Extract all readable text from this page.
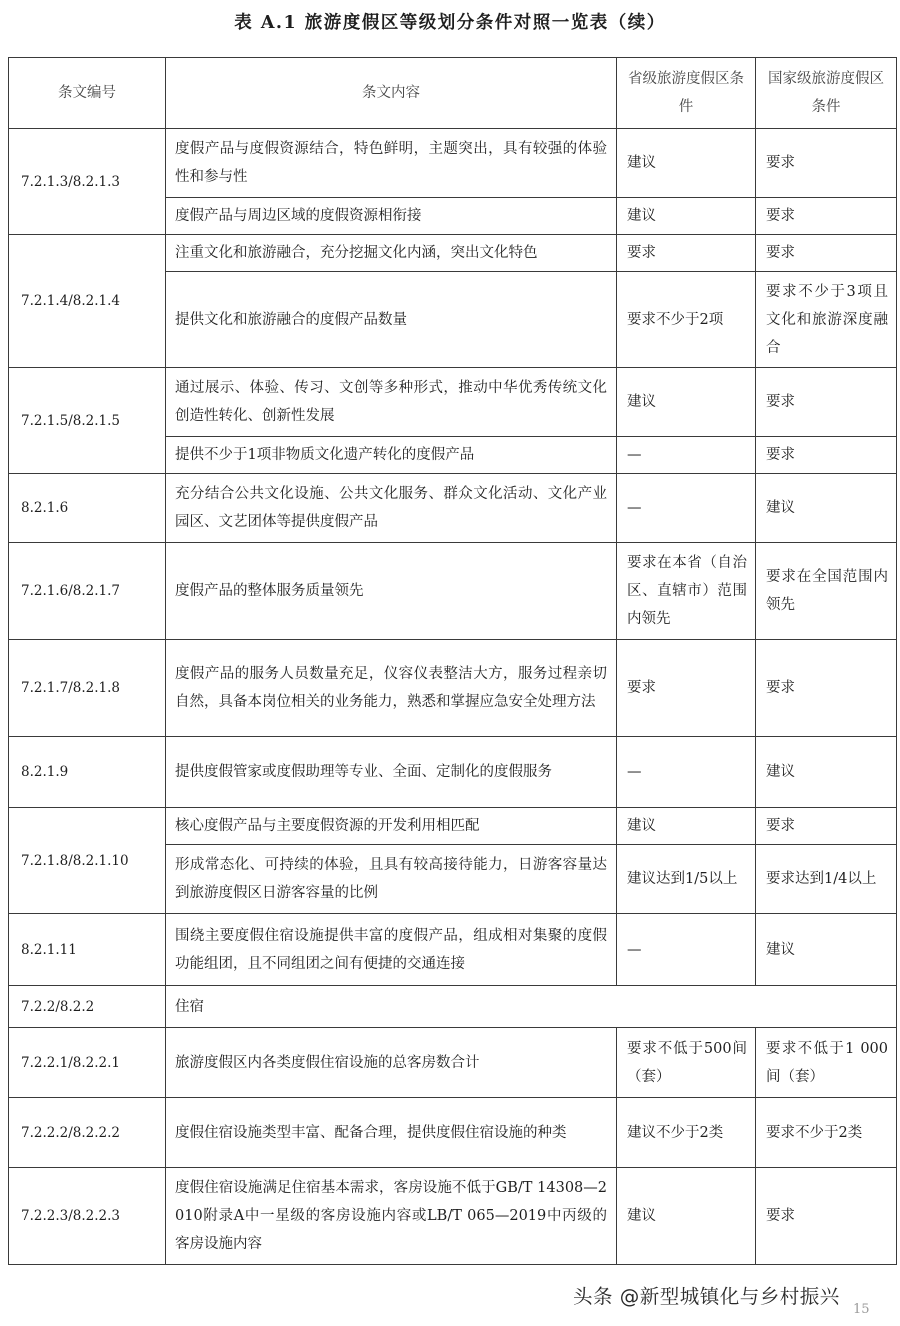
表 A.1 旅游度假区等级划分条件对照一览表（续）
条文编号	条文内容	省级旅游度假区条件	国家级旅游度假区条件
7.2.1.3/8.2.1.3	度假产品与度假资源结合，特色鲜明，主题突出，具有较强的体验性和参与性	建议	要求
	度假产品与周边区域的度假资源相衔接	建议	要求
7.2.1.4/8.2.1.4	注重文化和旅游融合，充分挖掘文化内涵，突出文化特色	要求	要求
	提供文化和旅游融合的度假产品数量	要求不少于2项	要求不少于3项且文化和旅游深度融合
7.2.1.5/8.2.1.5	通过展示、体验、传习、文创等多种形式，推动中华优秀传统文化创造性转化、创新性发展	建议	要求
	提供不少于1项非物质文化遗产转化的度假产品	—	要求
8.2.1.6	充分结合公共文化设施、公共文化服务、群众文化活动、文化产业园区、文艺团体等提供度假产品	—	建议
7.2.1.6/8.2.1.7	度假产品的整体服务质量领先	要求在本省（自治区、直辖市）范围内领先	要求在全国范围内领先
7.2.1.7/8.2.1.8	度假产品的服务人员数量充足，仪容仪表整洁大方，服务过程亲切自然，具备本岗位相关的业务能力，熟悉和掌握应急安全处理方法	要求	要求
8.2.1.9	提供度假管家或度假助理等专业、全面、定制化的度假服务	—	建议
7.2.1.8/8.2.1.10	核心度假产品与主要度假资源的开发利用相匹配	建议	要求
	形成常态化、可持续的体验，且具有较高接待能力，日游客容量达到旅游度假区日游客容量的比例	建议达到1/5以上	要求达到1/4以上
8.2.1.11	围绕主要度假住宿设施提供丰富的度假产品，组成相对集聚的度假功能组团，且不同组团之间有便捷的交通连接	—	建议
7.2.2/8.2.2	住宿		
7.2.2.1/8.2.2.1	旅游度假区内各类度假住宿设施的总客房数合计	要求不低于500间（套）	要求不低于1 000间（套）
7.2.2.2/8.2.2.2	度假住宿设施类型丰富、配备合理，提供度假住宿设施的种类	建议不少于2类	要求不少于2类
7.2.2.3/8.2.2.3	度假住宿设施满足住宿基本需求，客房设施不低于GB/T 14308—2010附录A中一星级的客房设施内容或LB/T 065—2019中丙级的客房设施内容	建议	要求
15
头条 @新型城镇化与乡村振兴
